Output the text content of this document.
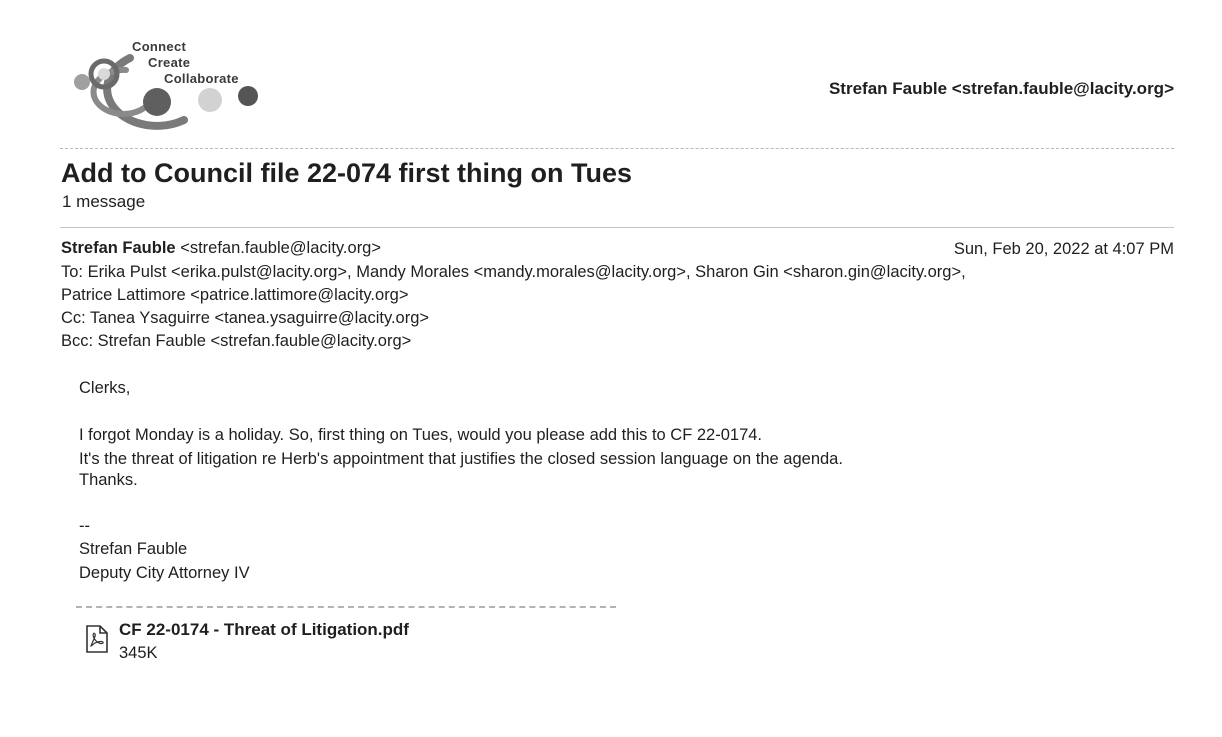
Connect
Create
Collaborate
Strefan Fauble <strefan.fauble@lacity.org>
Add to Council file 22-074 first thing on Tues
1 message
Strefan Fauble <strefan.fauble@lacity.org>	Sun, Feb 20, 2022 at 4:07 PM
To: Erika Pulst <erika.pulst@lacity.org>, Mandy Morales <mandy.morales@lacity.org>, Sharon Gin <sharon.gin@lacity.org>,
Patrice Lattimore <patrice.lattimore@lacity.org>
Cc: Tanea Ysaguirre <tanea.ysaguirre@lacity.org>
Bcc: Strefan Fauble <strefan.fauble@lacity.org>
Clerks,
I forgot Monday is a holiday. So, first thing on Tues, would you please add this to CF 22-0174.
It's the threat of litigation re Herb's appointment that justifies the closed session language on the agenda.
Thanks.
--
Strefan Fauble
Deputy City Attorney IV
CF 22-0174 - Threat of Litigation.pdf
345K
